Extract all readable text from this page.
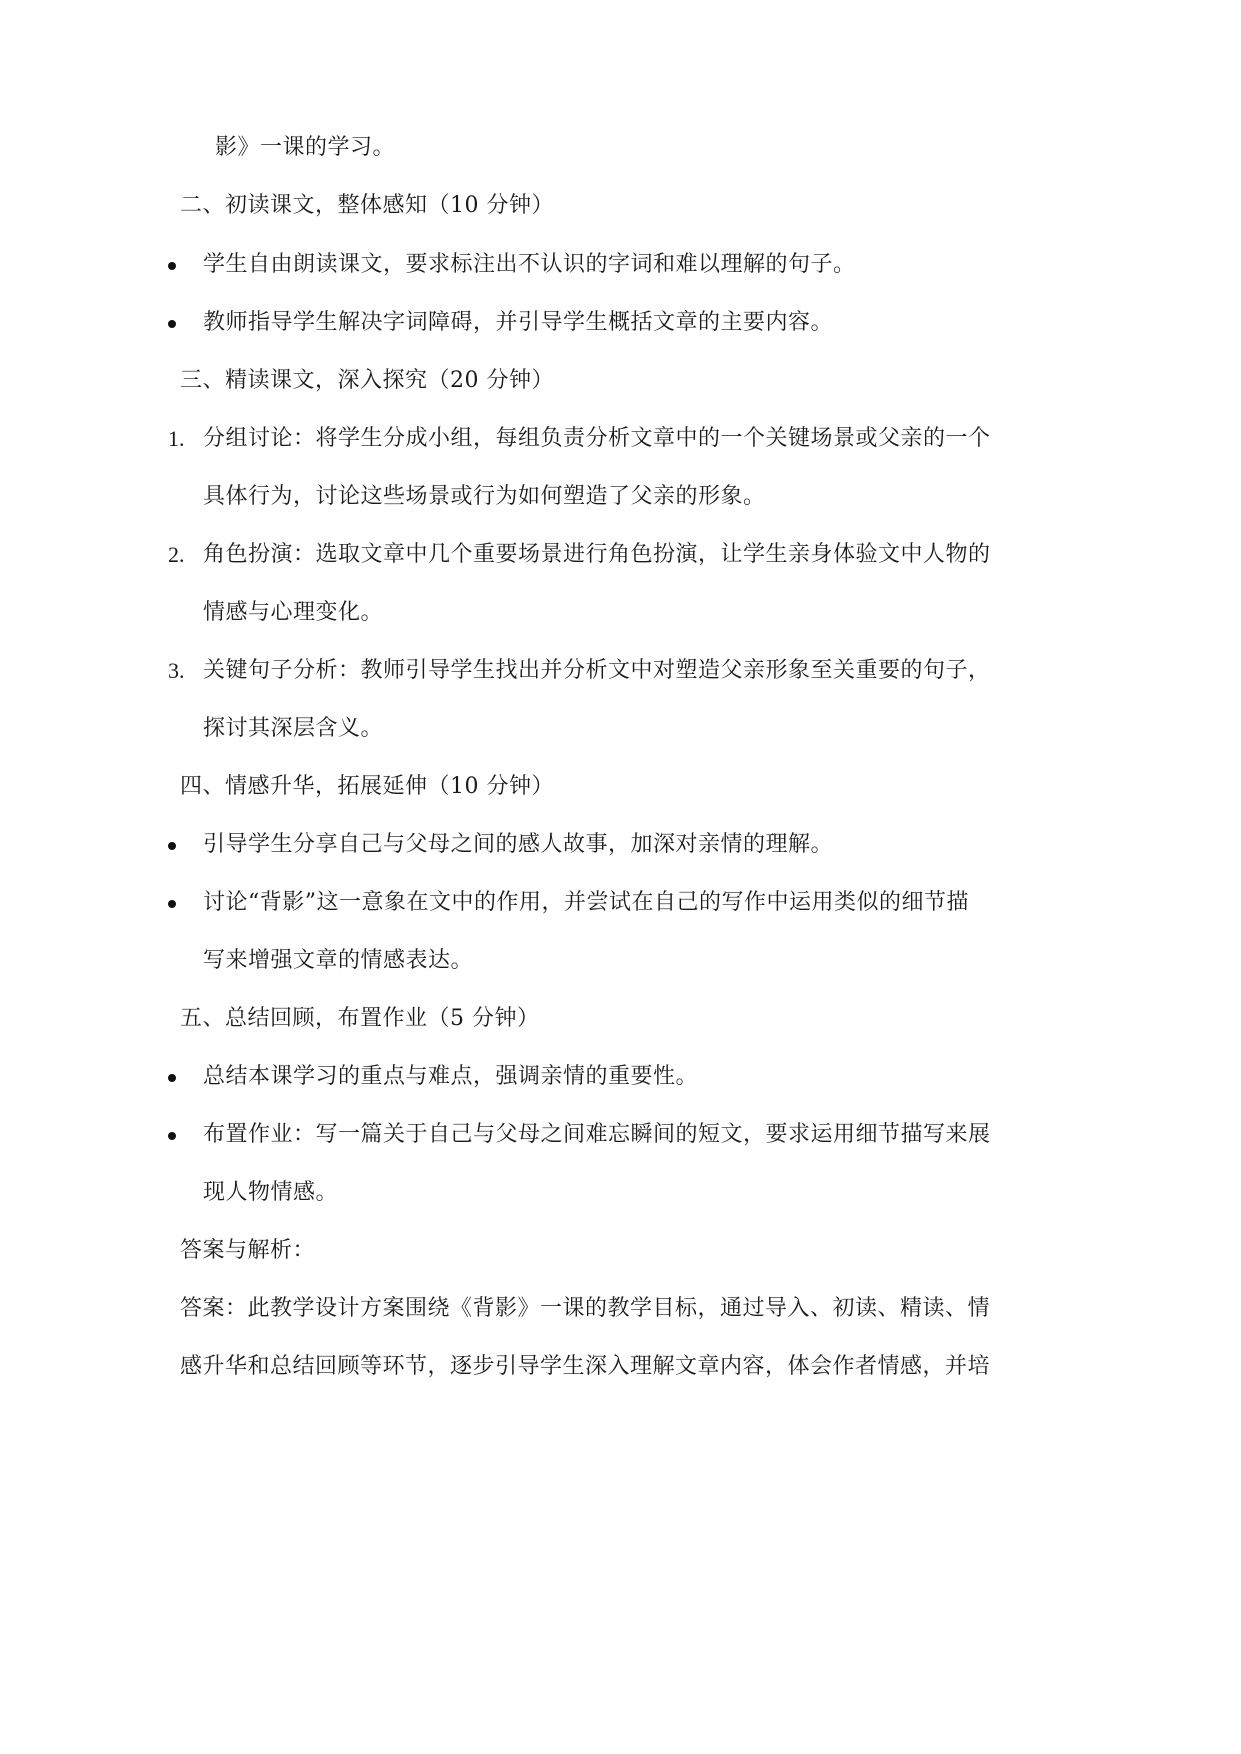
影》一课的学习。
二、初读课文，整体感知（10 分钟）
学生自由朗读课文，要求标注出不认识的字词和难以理解的句子。
教师指导学生解决字词障碍，并引导学生概括文章的主要内容。
三、精读课文，深入探究（20 分钟）
1. 分组讨论：将学生分成小组，每组负责分析文章中的一个关键场景或父亲的一个
具体行为，讨论这些场景或行为如何塑造了父亲的形象。
2. 角色扮演：选取文章中几个重要场景进行角色扮演，让学生亲身体验文中人物的
情感与心理变化。
3. 关键句子分析：教师引导学生找出并分析文中对塑造父亲形象至关重要的句子，
探讨其深层含义。
四、情感升华，拓展延伸（10 分钟）
引导学生分享自己与父母之间的感人故事，加深对亲情的理解。
讨论“背影”这一意象在文中的作用，并尝试在自己的写作中运用类似的细节描
写来增强文章的情感表达。
五、总结回顾，布置作业（5 分钟）
总结本课学习的重点与难点，强调亲情的重要性。
布置作业：写一篇关于自己与父母之间难忘瞬间的短文，要求运用细节描写来展
现人物情感。
答案与解析：
答案：此教学设计方案围绕《背影》一课的教学目标，通过导入、初读、精读、情
感升华和总结回顾等环节，逐步引导学生深入理解文章内容，体会作者情感，并培
